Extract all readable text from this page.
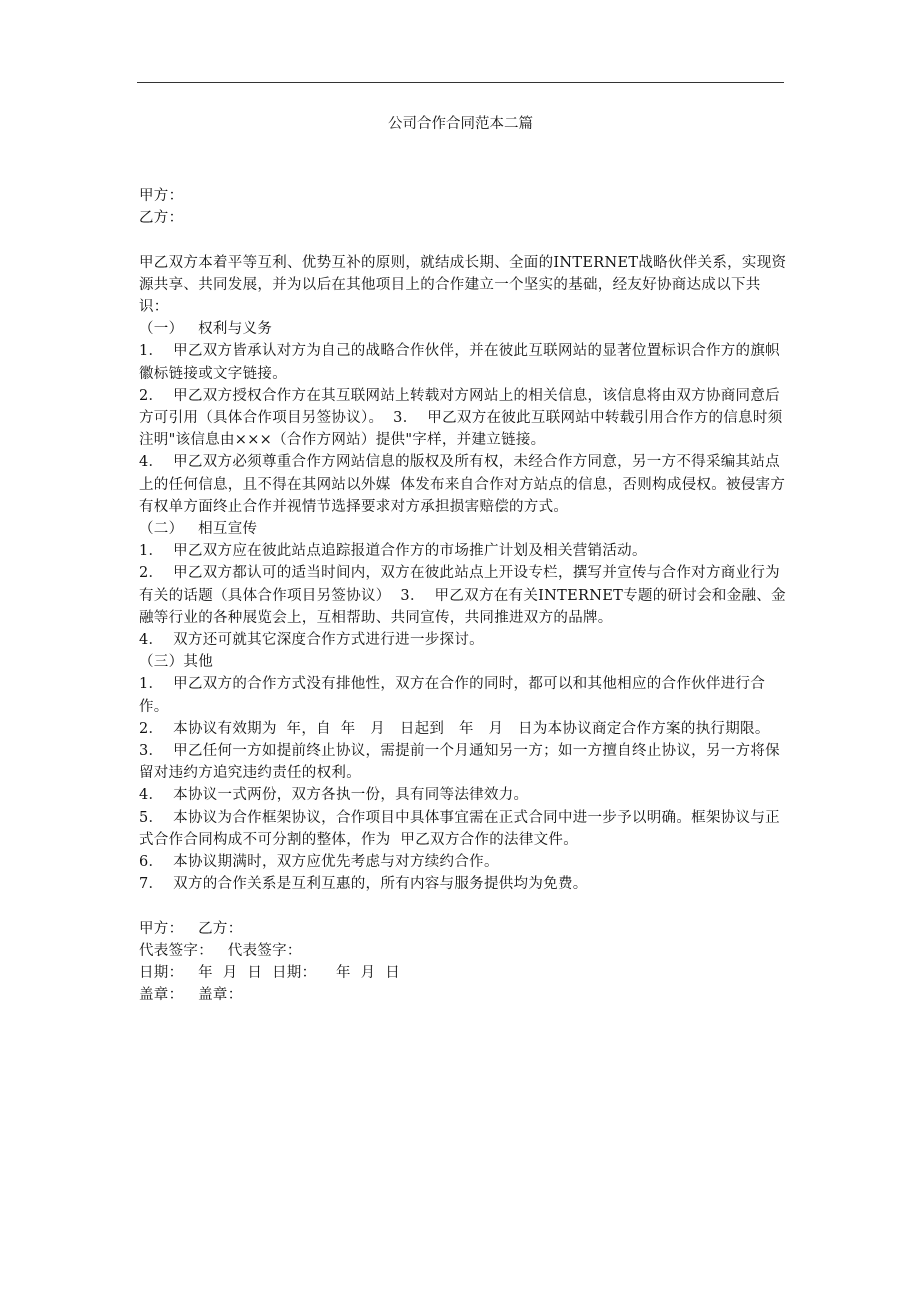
公司合作合同范本二篇

甲方：

乙方：

甲乙双方本着平等互利、优势互补的原则，就结成长期、全面的INTERNET战略伙伴关系，实现资源共享、共同发展，并为以后在其他项目上的合作建立一个坚实的基础，经友好协商达成以下共识：

（一）   权利与义务

1．  甲乙双方皆承认对方为自己的战略合作伙伴，并在彼此互联网站的显著位置标识合作方的旗帜徽标链接或文字链接。

2．  甲乙双方授权合作方在其互联网站上转载对方网站上的相关信息，该信息将由双方协商同意后方可引用（具体合作项目另签协议）。  3．  甲乙双方在彼此互联网站中转载引用合作方的信息时须注明"该信息由×××（合作方网站）提供"字样，并建立链接。

4．  甲乙双方必须尊重合作方网站信息的版权及所有权，未经合作方同意，另一方不得采编其站点上的任何信息，且不得在其网站以外媒  体发布来自合作对方站点的信息，否则构成侵权。被侵害方有权单方面终止合作并视情节选择要求对方承担损害赔偿的方式。

（二）   相互宣传

1．  甲乙双方应在彼此站点追踪报道合作方的市场推广计划及相关营销活动。

2．  甲乙双方都认可的适当时间内，双方在彼此站点上开设专栏，撰写并宣传与合作对方商业行为有关的话题（具体合作项目另签协议）  3．  甲乙双方在有关INTERNET专题的研讨会和金融、金融等行业的各种展览会上，互相帮助、共同宣传，共同推进双方的品牌。

4．  双方还可就其它深度合作方式进行进一步探讨。

（三）其他

1．  甲乙双方的合作方式没有排他性，双方在合作的同时，都可以和其他相应的合作伙伴进行合作。

2．  本协议有效期为  年，自  年   月   日起到   年   月   日为本协议商定合作方案的执行期限。

3．  甲乙任何一方如提前终止协议，需提前一个月通知另一方；如一方擅自终止协议，另一方将保留对违约方追究违约责任的权利。

4．  本协议一式两份，双方各执一份，具有同等法律效力。

5．  本协议为合作框架协议，合作项目中具体事宜需在正式合同中进一步予以明确。框架协议与正式合作合同构成不可分割的整体，作为  甲乙双方合作的法律文件。

6．  本协议期满时，双方应优先考虑与对方续约合作。

7．  双方的合作关系是互利互惠的，所有内容与服务提供均为免费。

甲方：   乙方：

代表签字：   代表签字：

日期：   年  月  日  日期：    年  月  日

盖章：   盖章：
